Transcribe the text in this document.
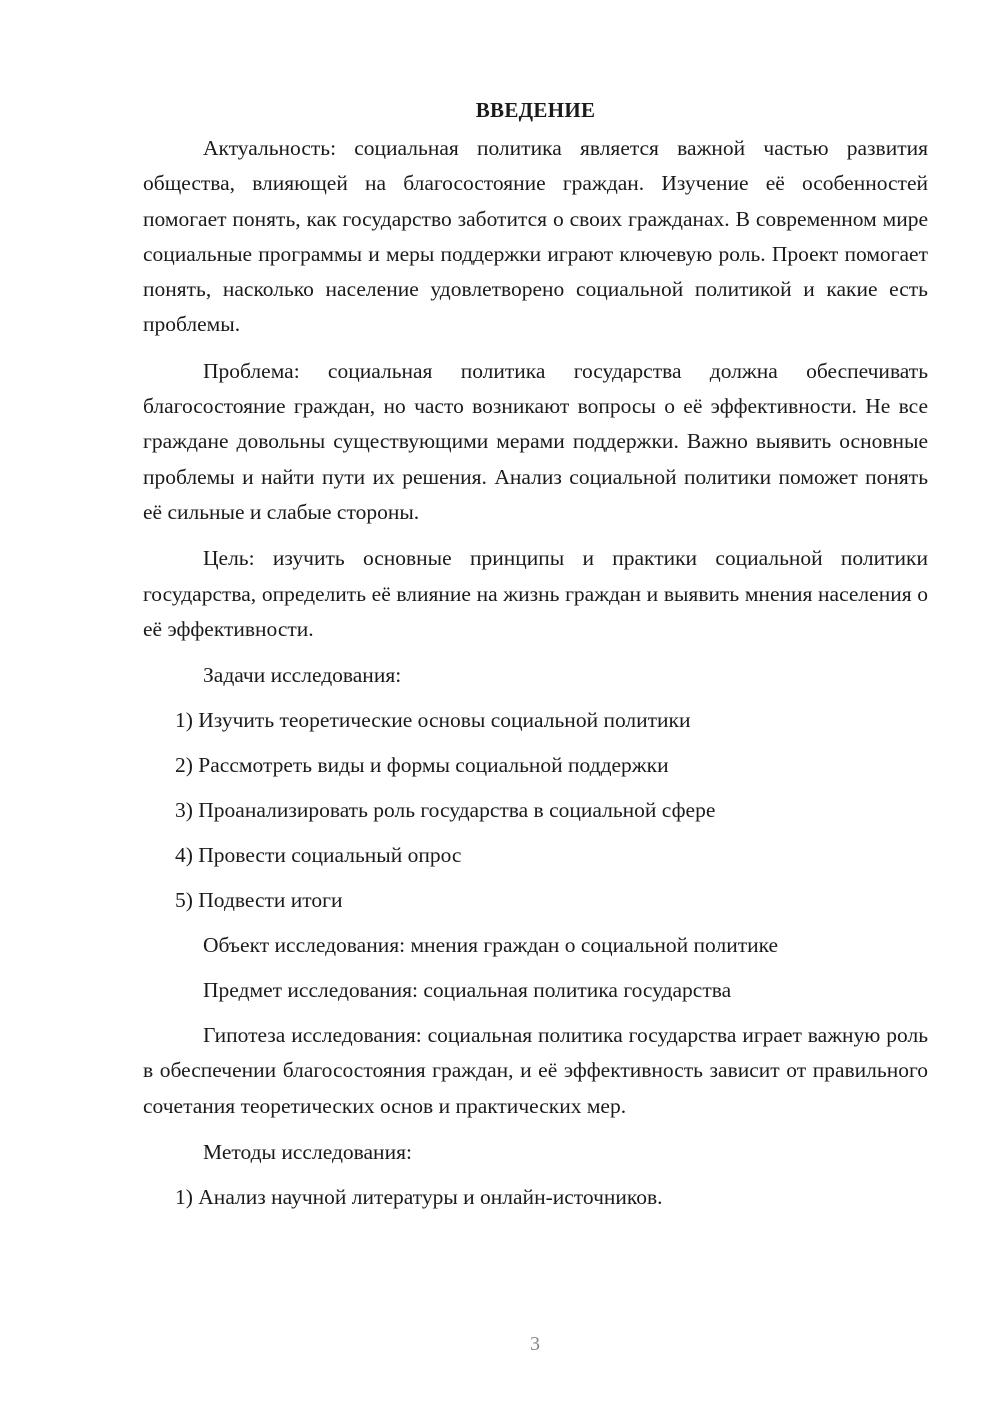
ВВЕДЕНИЕ

Актуальность: социальная политика является важной частью развития общества, влияющей на благосостояние граждан. Изучение её особенностей помогает понять, как государство заботится о своих гражданах. В современном мире социальные программы и меры поддержки играют ключевую роль. Проект помогает понять, насколько население удовлетворено социальной политикой и какие есть проблемы.

Проблема: социальная политика государства должна обеспечивать благосостояние граждан, но часто возникают вопросы о её эффективности. Не все граждане довольны существующими мерами поддержки. Важно выявить основные проблемы и найти пути их решения. Анализ социальной политики поможет понять её сильные и слабые стороны.

Цель: изучить основные принципы и практики социальной политики государства, определить её влияние на жизнь граждан и выявить мнения населения о её эффективности.

Задачи исследования:
1) Изучить теоретические основы социальной политики
2) Рассмотреть виды и формы социальной поддержки
3) Проанализировать роль государства в социальной сфере
4) Провести социальный опрос
5) Подвести итоги
Объект исследования: мнения граждан о социальной политике
Предмет исследования: социальная политика государства

Гипотеза исследования: социальная политика государства играет важную роль в обеспечении благосостояния граждан, и её эффективность зависит от правильного сочетания теоретических основ и практических мер.

Методы исследования:
1) Анализ научной литературы и онлайн-источников.
3
